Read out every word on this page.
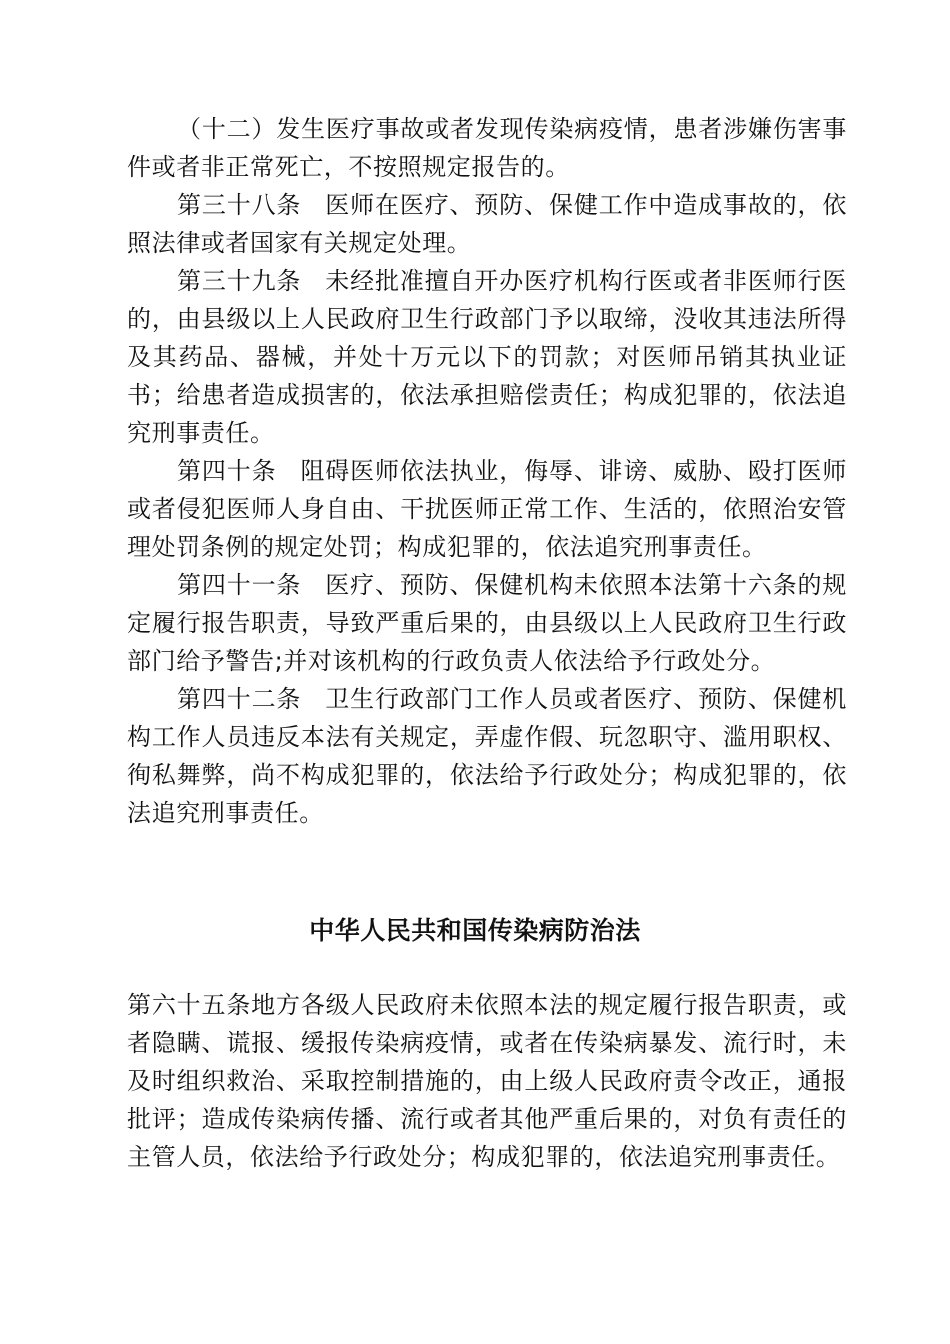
（十二）发生医疗事故或者发现传染病疫情，患者涉嫌伤害事件或者非正常死亡，不按照规定报告的。

第三十八条 医师在医疗、预防、保健工作中造成事故的，依照法律或者国家有关规定处理。

第三十九条 未经批准擅自开办医疗机构行医或者非医师行医的，由县级以上人民政府卫生行政部门予以取缔，没收其违法所得及其药品、器械，并处十万元以下的罚款；对医师吊销其执业证书；给患者造成损害的，依法承担赔偿责任；构成犯罪的，依法追究刑事责任。

第四十条 阻碍医师依法执业，侮辱、诽谤、威胁、殴打医师或者侵犯医师人身自由、干扰医师正常工作、生活的，依照治安管理处罚条例的规定处罚；构成犯罪的，依法追究刑事责任。

第四十一条 医疗、预防、保健机构未依照本法第十六条的规定履行报告职责，导致严重后果的，由县级以上人民政府卫生行政部门给予警告;并对该机构的行政负责人依法给予行政处分。

第四十二条 卫生行政部门工作人员或者医疗、预防、保健机构工作人员违反本法有关规定，弄虚作假、玩忽职守、滥用职权、徇私舞弊，尚不构成犯罪的，依法给予行政处分；构成犯罪的，依法追究刑事责任。

中华人民共和国传染病防治法

第六十五条地方各级人民政府未依照本法的规定履行报告职责，或者隐瞒、谎报、缓报传染病疫情，或者在传染病暴发、流行时，未及时组织救治、采取控制措施的，由上级人民政府责令改正，通报批评；造成传染病传播、流行或者其他严重后果的，对负有责任的主管人员，依法给予行政处分；构成犯罪的，依法追究刑事责任。
